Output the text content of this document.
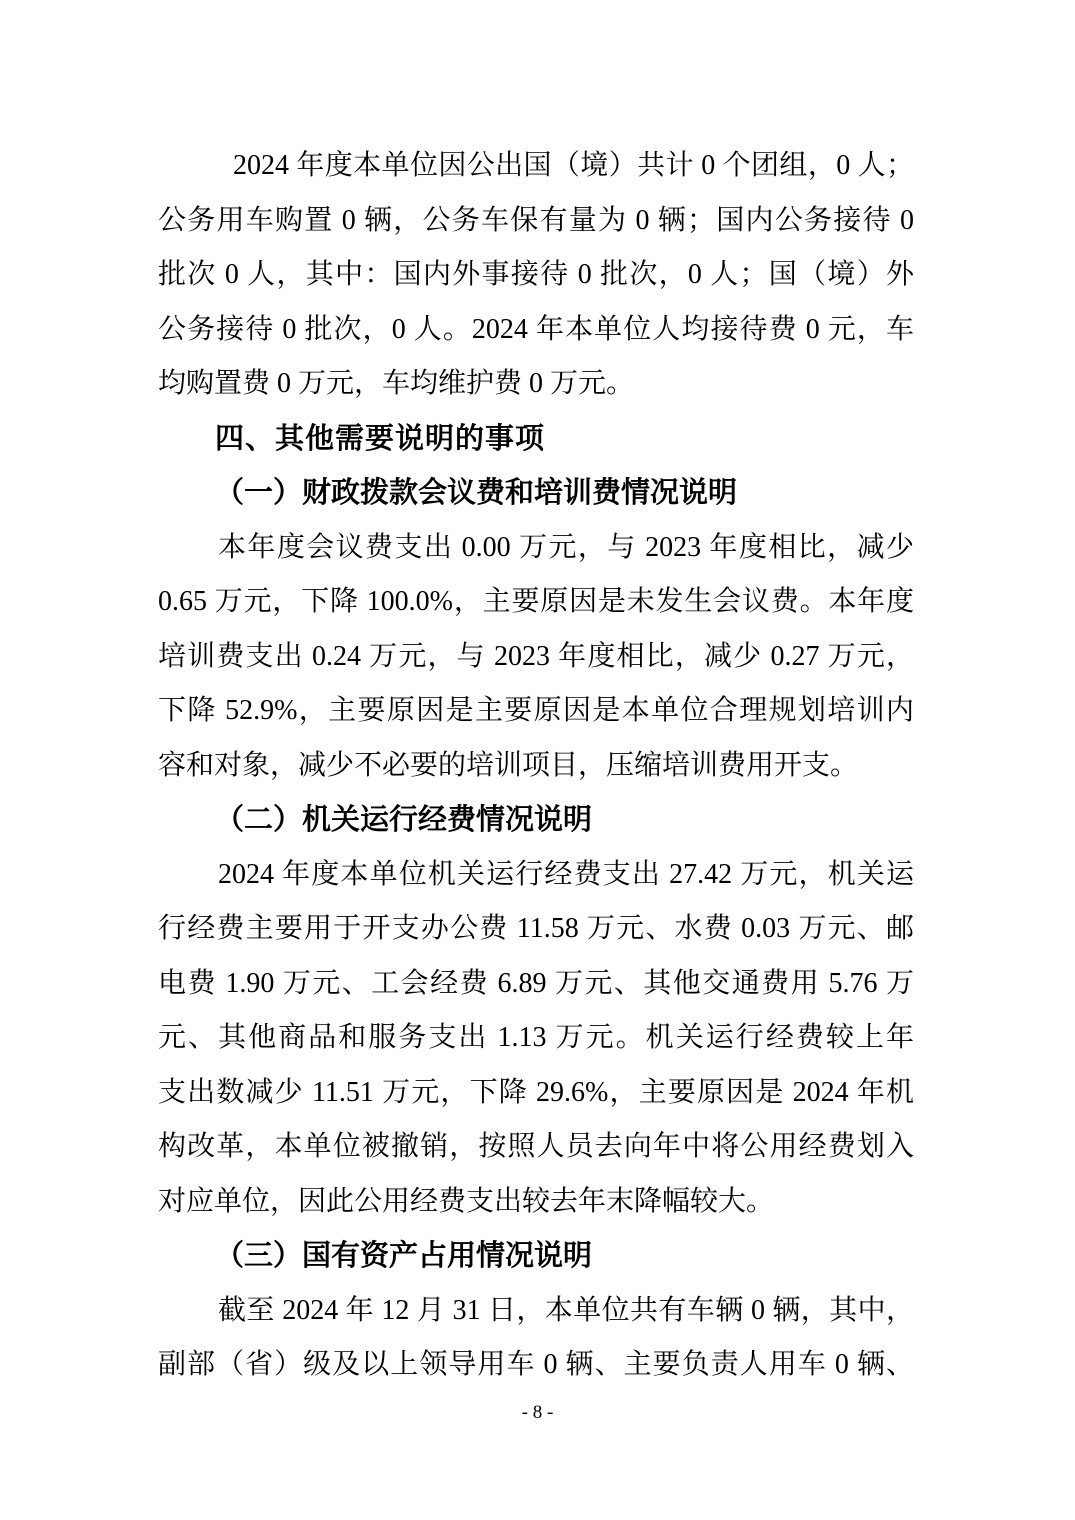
2024 年度本单位因公出国（境）共计 0 个团组，0 人；
公务用车购置 0 辆，公务车保有量为 0 辆；国内公务接待 0
批次 0 人，其中：国内外事接待 0 批次，0 人；国（境）外
公务接待 0 批次，0 人。2024 年本单位人均接待费 0 元，车
均购置费 0 万元，车均维护费 0 万元。
四、其他需要说明的事项
（一）财政拨款会议费和培训费情况说明
本年度会议费支出 0.00 万元，与 2023 年度相比，减少
0.65 万元，下降 100.0%，主要原因是未发生会议费。本年度
培训费支出 0.24 万元，与 2023 年度相比，减少 0.27 万元，
下降 52.9%，主要原因是主要原因是本单位合理规划培训内
容和对象，减少不必要的培训项目，压缩培训费用开支。
（二）机关运行经费情况说明
2024 年度本单位机关运行经费支出 27.42 万元，机关运
行经费主要用于开支办公费 11.58 万元、水费 0.03 万元、邮
电费 1.90 万元、工会经费 6.89 万元、其他交通费用 5.76 万
元、其他商品和服务支出 1.13 万元。机关运行经费较上年
支出数减少 11.51 万元，下降 29.6%，主要原因是 2024 年机
构改革，本单位被撤销，按照人员去向年中将公用经费划入
对应单位，因此公用经费支出较去年末降幅较大。
（三）国有资产占用情况说明
截至 2024 年 12 月 31 日，本单位共有车辆 0 辆，其中，
副部（省）级及以上领导用车 0 辆、主要负责人用车 0 辆、
- 8 -
